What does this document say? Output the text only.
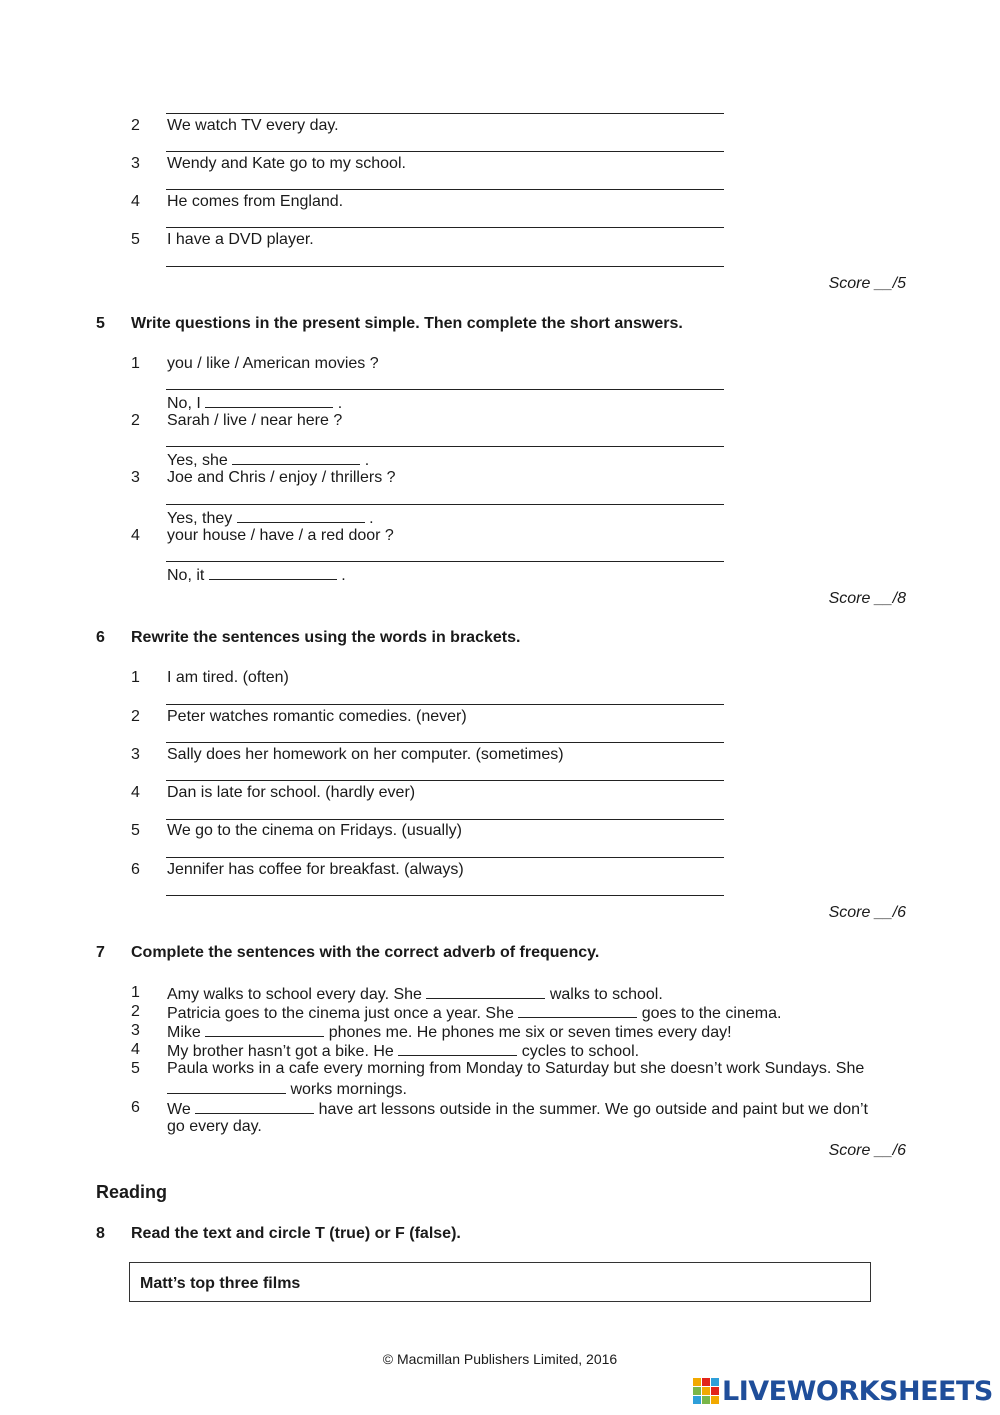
2	We watch TV every day.
3	Wendy and Kate go to my school.
4	He comes from England.
5	I have a DVD player.
Score __/5
5 Write questions in the present simple. Then complete the short answers.
1	you / like / American movies ?
No, I	.
2	Sarah / live / near here ?
Yes, she	.
3	Joe and Chris / enjoy / thrillers ?
Yes, they	.
4	your house / have / a red door ?
No, it	.
Score __/8
6 Rewrite the sentences using the words in brackets.
1	I am tired. (often)
2	Peter watches romantic comedies. (never)
3	Sally does her homework on her computer. (sometimes)
4	Dan is late for school. (hardly ever)
5	We go to the cinema on Fridays. (usually)
6	Jennifer has coffee for breakfast. (always)
Score __/6
7 Complete the sentences with the correct adverb of frequency.
1	Amy walks to school every day. She	walks to school.
2	Patricia goes to the cinema just once a year. She	goes to the cinema.
3	Mike	phones me. He phones me six or seven times every day!
4	My brother hasn’t got a bike. He	cycles to school.
5	Paula works in a cafe every morning from Monday to Saturday but she doesn’t work Sundays. She
works mornings.
6	We	have art lessons outside in the summer. We go outside and paint but we don’t
go every day.
Score __/6
Reading
8 Read the text and circle T (true) or F (false).
Matt’s top three films
© Macmillan Publishers Limited, 2016
LIVEWORKSHEETS
